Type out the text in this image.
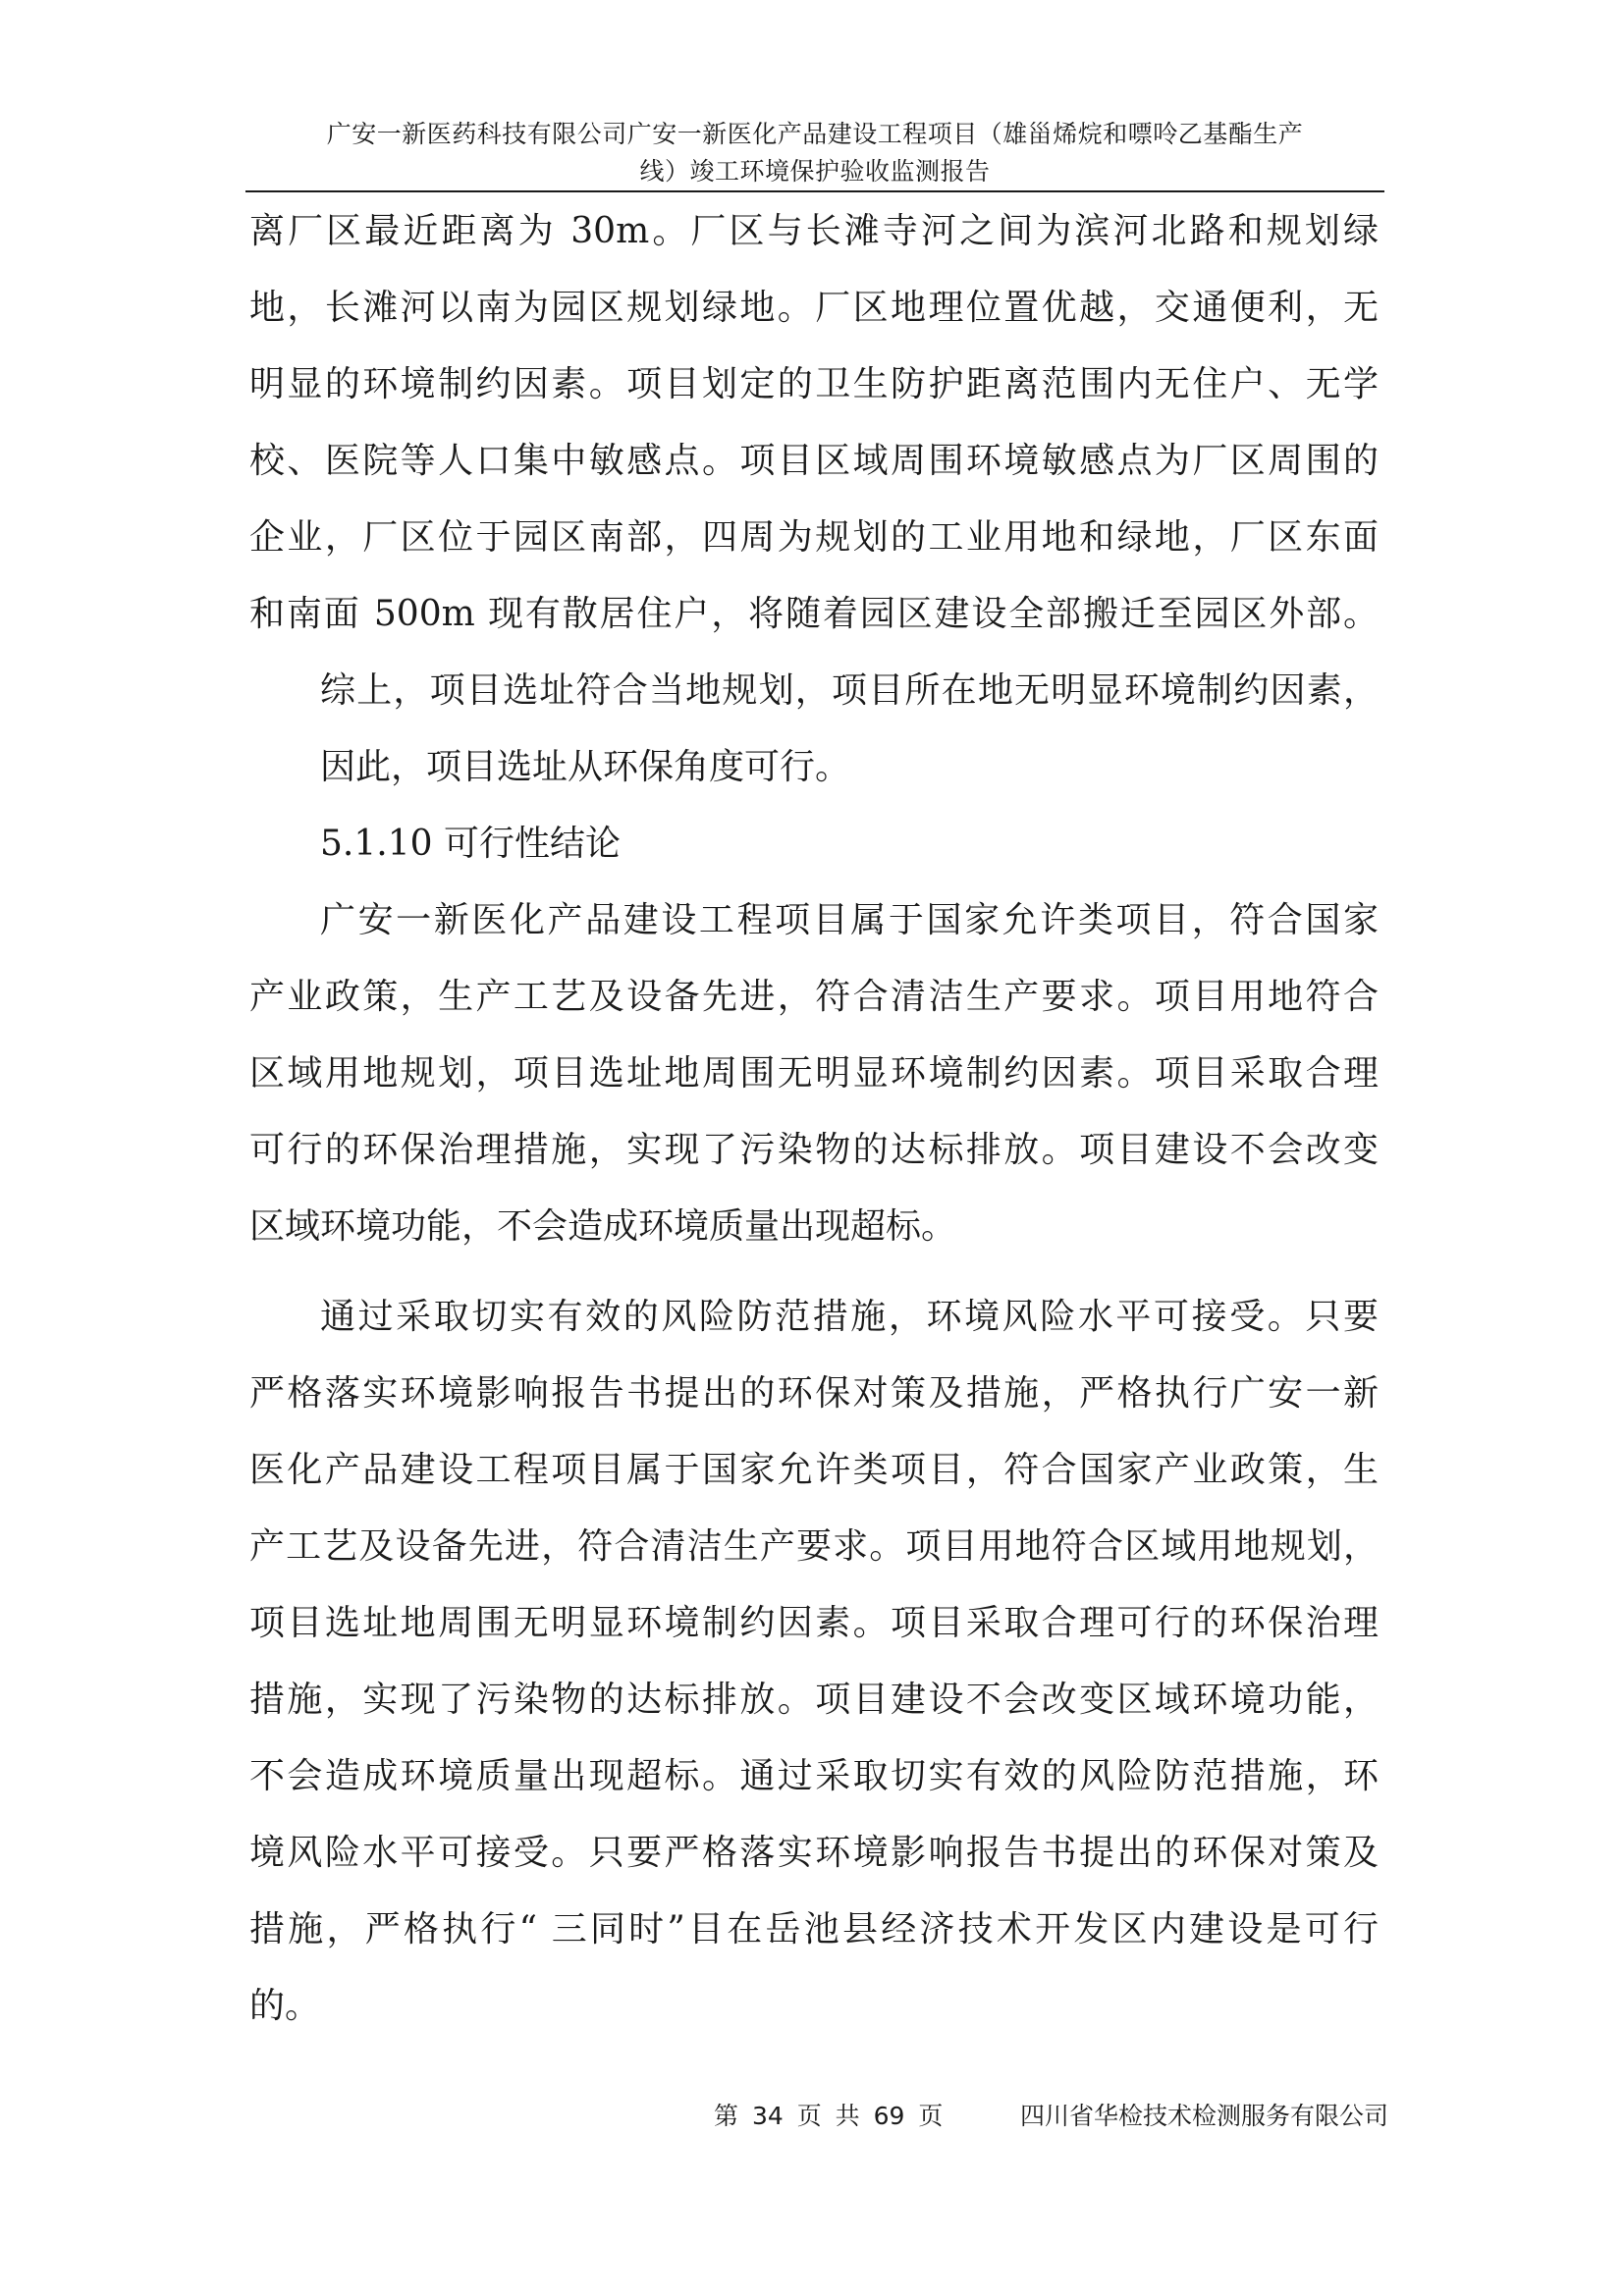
广安一新医药科技有限公司广安一新医化产品建设工程项目（雄甾烯烷和嘌呤乙基酯生产
线）竣工环境保护验收监测报告
离厂区最近距离为 30m。厂区与长滩寺河之间为滨河北路和规划绿
地，长滩河以南为园区规划绿地。厂区地理位置优越，交通便利，无
明显的环境制约因素。项目划定的卫生防护距离范围内无住户、无学
校、医院等人口集中敏感点。项目区域周围环境敏感点为厂区周围的
企业，厂区位于园区南部，四周为规划的工业用地和绿地，厂区东面
和南面 500m 现有散居住户，将随着园区建设全部搬迁至园区外部。
综上，项目选址符合当地规划，项目所在地无明显环境制约因素，
因此，项目选址从环保角度可行。
5.1.10 可行性结论
广安一新医化产品建设工程项目属于国家允许类项目，符合国家
产业政策，生产工艺及设备先进，符合清洁生产要求。项目用地符合
区域用地规划，项目选址地周围无明显环境制约因素。项目采取合理
可行的环保治理措施，实现了污染物的达标排放。项目建设不会改变
区域环境功能，不会造成环境质量出现超标。
通过采取切实有效的风险防范措施，环境风险水平可接受。只要
严格落实环境影响报告书提出的环保对策及措施，严格执行广安一新
医化产品建设工程项目属于国家允许类项目，符合国家产业政策，生
产工艺及设备先进，符合清洁生产要求。项目用地符合区域用地规划，
项目选址地周围无明显环境制约因素。项目采取合理可行的环保治理
措施，实现了污染物的达标排放。项目建设不会改变区域环境功能，
不会造成环境质量出现超标。通过采取切实有效的风险防范措施，环
境风险水平可接受。只要严格落实环境影响报告书提出的环保对策及
措施，严格执行“ 三同时”目在岳池县经济技术开发区内建设是可行
的。
第 34 页 共 69 页	四川省华检技术检测服务有限公司
